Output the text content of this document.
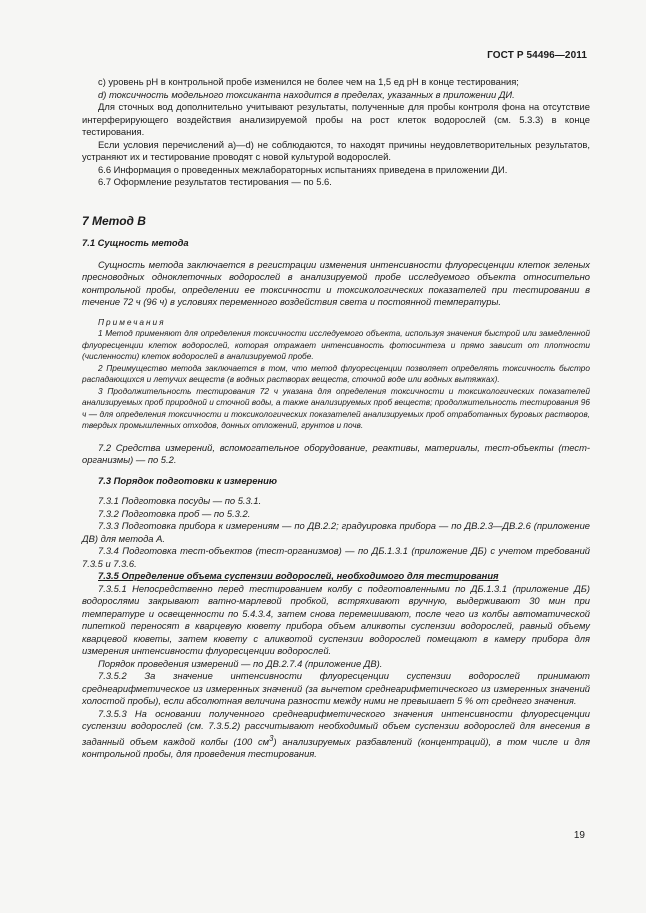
ГОСТ Р 54496—2011

с) уровень pH в контрольной пробе изменился не более чем на 1,5 ед pH в конце тестирования;

d) токсичность модельного токсиканта находится в пределах, указанных в приложении ДИ.

Для сточных вод дополнительно учитывают результаты, полученные для пробы контроля фона на отсутствие интерферирующего воздействия анализируемой пробы на рост клеток водорослей (см. 5.3.3) в конце тестирования.

Если условия перечислений а)—d) не соблюдаются, то находят причины неудовлетворительных результатов, устраняют их и тестирование проводят с новой культурой водорослей.

6.6 Информация о проведенных межлабораторных испытаниях приведена в приложении ДИ.

6.7 Оформление результатов тестирования — по 5.6.

7 Метод В

7.1 Сущность метода

Сущность метода заключается в регистрации изменения интенсивности флуоресценции клеток зеленых пресноводных одноклеточных водорослей в анализируемой пробе исследуемого объекта относительно контрольной пробы, определении ее токсичности и токсикологических показателей при тестировании в течение 72 ч (96 ч) в условиях переменного воздействия света и постоянной температуры.

Примечания

1 Метод применяют для определения токсичности исследуемого объекта, используя значения быстрой или замедленной флуоресценции клеток водорослей, которая отражает интенсивность фотосинтеза и прямо зависит от плотности (численности) клеток водорослей в анализируемой пробе.

2 Преимущество метода заключается в том, что метод флуоресценции позволяет определять токсичность быстро распадающихся и летучих веществ (в водных растворах веществ, сточной воде или водных вытяжках).

3 Продолжительность тестирования 72 ч указана для определения токсичности и токсикологических показателей анализируемых проб природной и сточной воды, а также анализируемых проб веществ; продолжительность тестирования 96 ч — для определения токсичности и токсикологических показателей анализируемых проб отработанных буровых растворов, твердых промышленных отходов, донных отложений, грунтов и почв.

7.2 Средства измерений, вспомогательное оборудование, реактивы, материалы, тест-объекты (тест-организмы) — по 5.2.

7.3 Порядок подготовки к измерению

7.3.1 Подготовка посуды — по 5.3.1.

7.3.2 Подготовка проб — по 5.3.2.

7.3.3 Подготовка прибора к измерениям — по ДВ.2.2; градуировка прибора — по ДВ.2.3—ДВ.2.6 (приложение ДВ) для метода А.

7.3.4 Подготовка тест-объектов (тест-организмов) — по ДБ.1.3.1 (приложение ДБ) с учетом требований 7.3.5 и 7.3.6.

7.3.5 Определение объема суспензии водорослей, необходимого для тестирования

7.3.5.1 Непосредственно перед тестированием колбу с подготовленными по ДБ.1.3.1 (приложение ДБ) водорослями закрывают ватно-марлевой пробкой, встряхивают вручную, выдерживают 30 мин при температуре и освещенности по 5.4.3.4, затем снова перемешивают, после чего из колбы автоматической пипеткой переносят в кварцевую кювету прибора объем аликвоты суспензии водорослей, равный объему кварцевой кюветы, затем кювету с аликвотой суспензии водорослей помещают в камеру прибора для измерения интенсивности флуоресценции водорослей.

Порядок проведения измерений — по ДВ.2.7.4 (приложение ДВ).

7.3.5.2 За значение интенсивности флуоресценции суспензии водорослей принимают среднеарифметическое из измеренных значений (за вычетом среднеарифметического из измеренных значений холостой пробы), если абсолютная величина разности между ними не превышает 5 % от среднего значения.

7.3.5.3 На основании полученного среднеарифметического значения интенсивности флуоресценции суспензии водорослей (см. 7.3.5.2) рассчитывают необходимый объем суспензии водорослей для внесения в заданный объем каждой колбы (100 $см^3$) анализируемых разбавлений (концентраций), в том числе и для контрольной пробы, для проведения тестирования.

19
